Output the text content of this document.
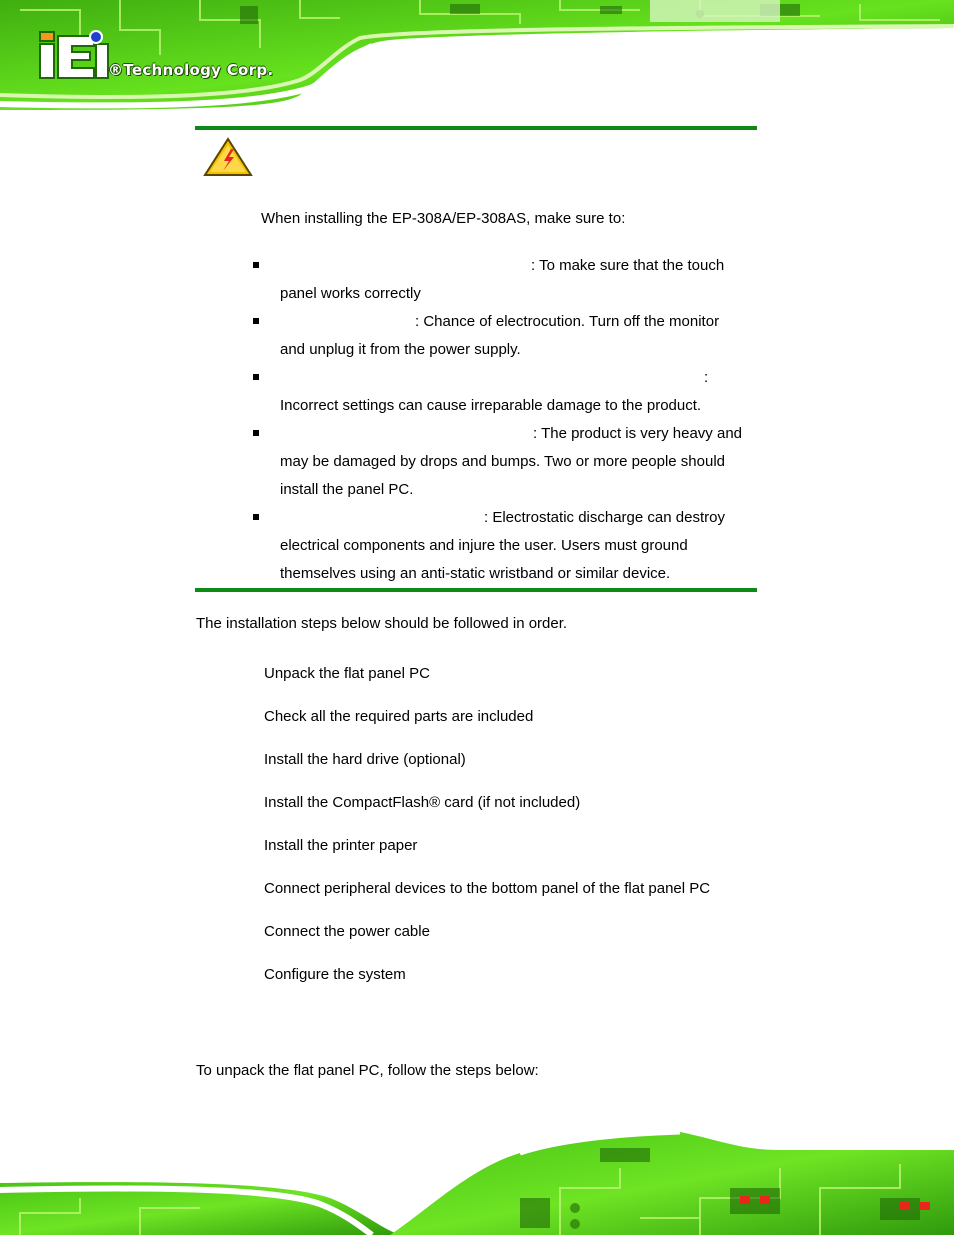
®Technology Corp.
When installing the EP-308A/EP-308AS, make sure to:
: To make sure that the touch
panel works correctly
: Chance of electrocution. Turn off the monitor
and unplug it from the power supply.
:
Incorrect settings can cause irreparable damage to the product.
: The product is very heavy and
may be damaged by drops and bumps. Two or more people should
install the panel PC.
: Electrostatic discharge can destroy
electrical components and injure the user. Users must ground
themselves using an anti-static wristband or similar device.
The installation steps below should be followed in order.
Unpack the flat panel PC
Check all the required parts are included
Install the hard drive (optional)
Install the CompactFlash® card (if not included)
Install the printer paper
Connect peripheral devices to the bottom panel of the flat panel PC
Connect the power cable
Configure the system
To unpack the flat panel PC, follow the steps below:
